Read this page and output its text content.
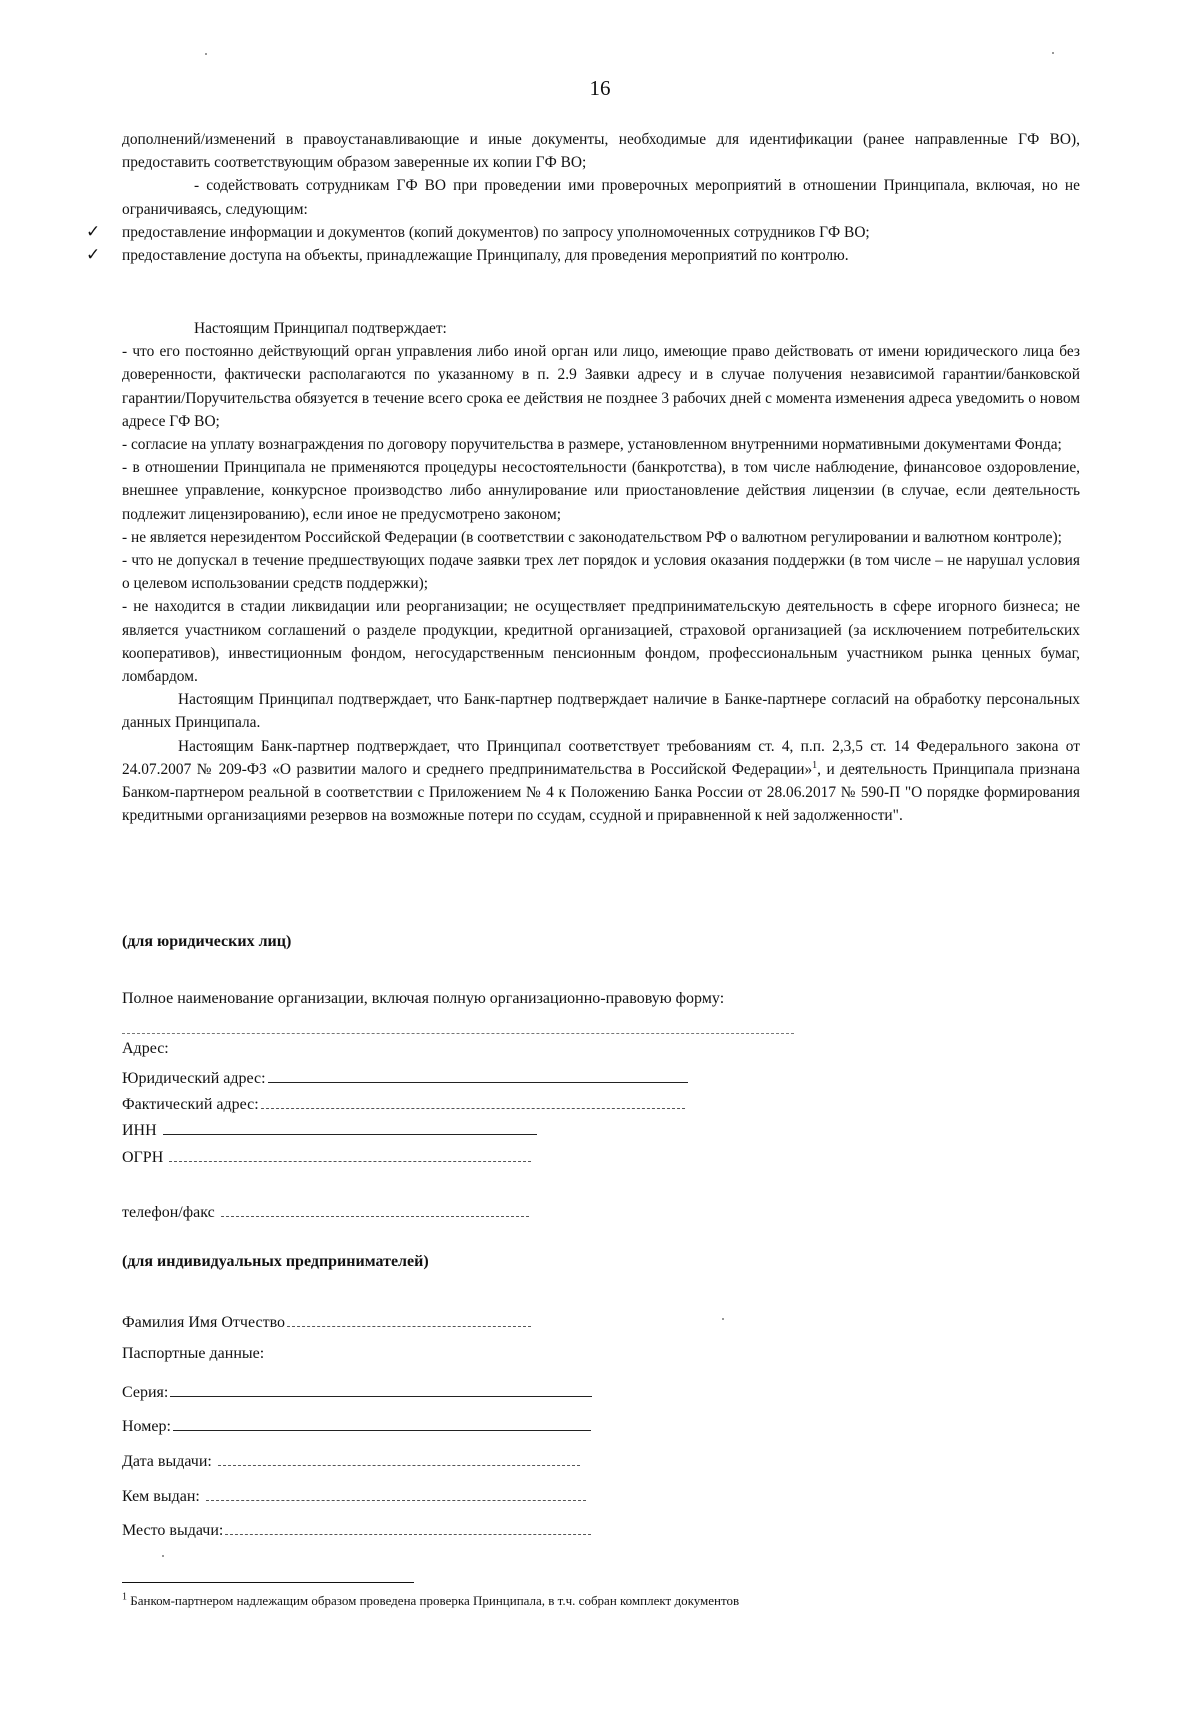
16

дополнений/изменений в правоустанавливающие и иные документы, необходимые для идентификации (ранее направленные ГФ ВО), предоставить соответствующим образом заверенные их копии ГФ ВО;

- содействовать сотрудникам ГФ ВО при проведении ими проверочных мероприятий в отношении Принципала, включая, но не ограничиваясь, следующим:

✓ предоставление информации и документов (копий документов) по запросу уполномоченных сотрудников ГФ ВО;

✓ предоставление доступа на объекты, принадлежащие Принципалу, для проведения мероприятий по контролю.

Настоящим Принципал подтверждает:

- что его постоянно действующий орган управления либо иной орган или лицо, имеющие право действовать от имени юридического лица без доверенности, фактически располагаются по указанному в п. 2.9 Заявки адресу и в случае получения независимой гарантии/банковской гарантии/Поручительства обязуется в течение всего срока ее действия не позднее 3 рабочих дней с момента изменения адреса уведомить о новом адресе ГФ ВО;

- согласие на уплату вознаграждения по договору поручительства в размере, установленном внутренними нормативными документами Фонда;

- в отношении Принципала не применяются процедуры несостоятельности (банкротства), в том числе наблюдение, финансовое оздоровление, внешнее управление, конкурсное производство либо аннулирование или приостановление действия лицензии (в случае, если деятельность подлежит лицензированию), если иное не предусмотрено законом;

- не является нерезидентом Российской Федерации (в соответствии с законодательством РФ о валютном регулировании и валютном контроле);

- что не допускал в течение предшествующих подаче заявки трех лет порядок и условия оказания поддержки (в том числе – не нарушал условия о целевом использовании средств поддержки);

- не находится в стадии ликвидации или реорганизации; не осуществляет предпринимательскую деятельность в сфере игорного бизнеса; не является участником соглашений о разделе продукции, кредитной организацией, страховой организацией (за исключением потребительских кооперативов), инвестиционным фондом, негосударственным пенсионным фондом, профессиональным участником рынка ценных бумаг, ломбардом.

Настоящим Принципал подтверждает, что Банк-партнер подтверждает наличие в Банке-партнере согласий на обработку персональных данных Принципала.

Настоящим Банк-партнер подтверждает, что Принципал соответствует требованиям ст. 4, п.п. 2,3,5 ст. 14 Федерального закона от 24.07.2007 № 209-ФЗ «О развитии малого и среднего предпринимательства в Российской Федерации»$^1$, и деятельность Принципала признана Банком-партнером реальной в соответствии с Приложением № 4 к Положению Банка России от 28.06.2017 № 590-П "О порядке формирования кредитными организациями резервов на возможные потери по ссудам, ссудной и приравненной к ней задолженности".

(для юридических лиц)
Полное наименование организации, включая полную организационно-правовую форму:
Адрес:
Юридический адрес:
Фактический адрес:
ИНН
ОГРН
телефон/факс
(для индивидуальных предпринимателей)
Фамилия Имя Отчество
Паспортные данные:
Серия:
Номер:
Дата выдачи:
Кем выдан:
Место выдачи:
$^1$ Банком-партнером надлежащим образом проведена проверка Принципала, в т.ч. собран комплект документов
